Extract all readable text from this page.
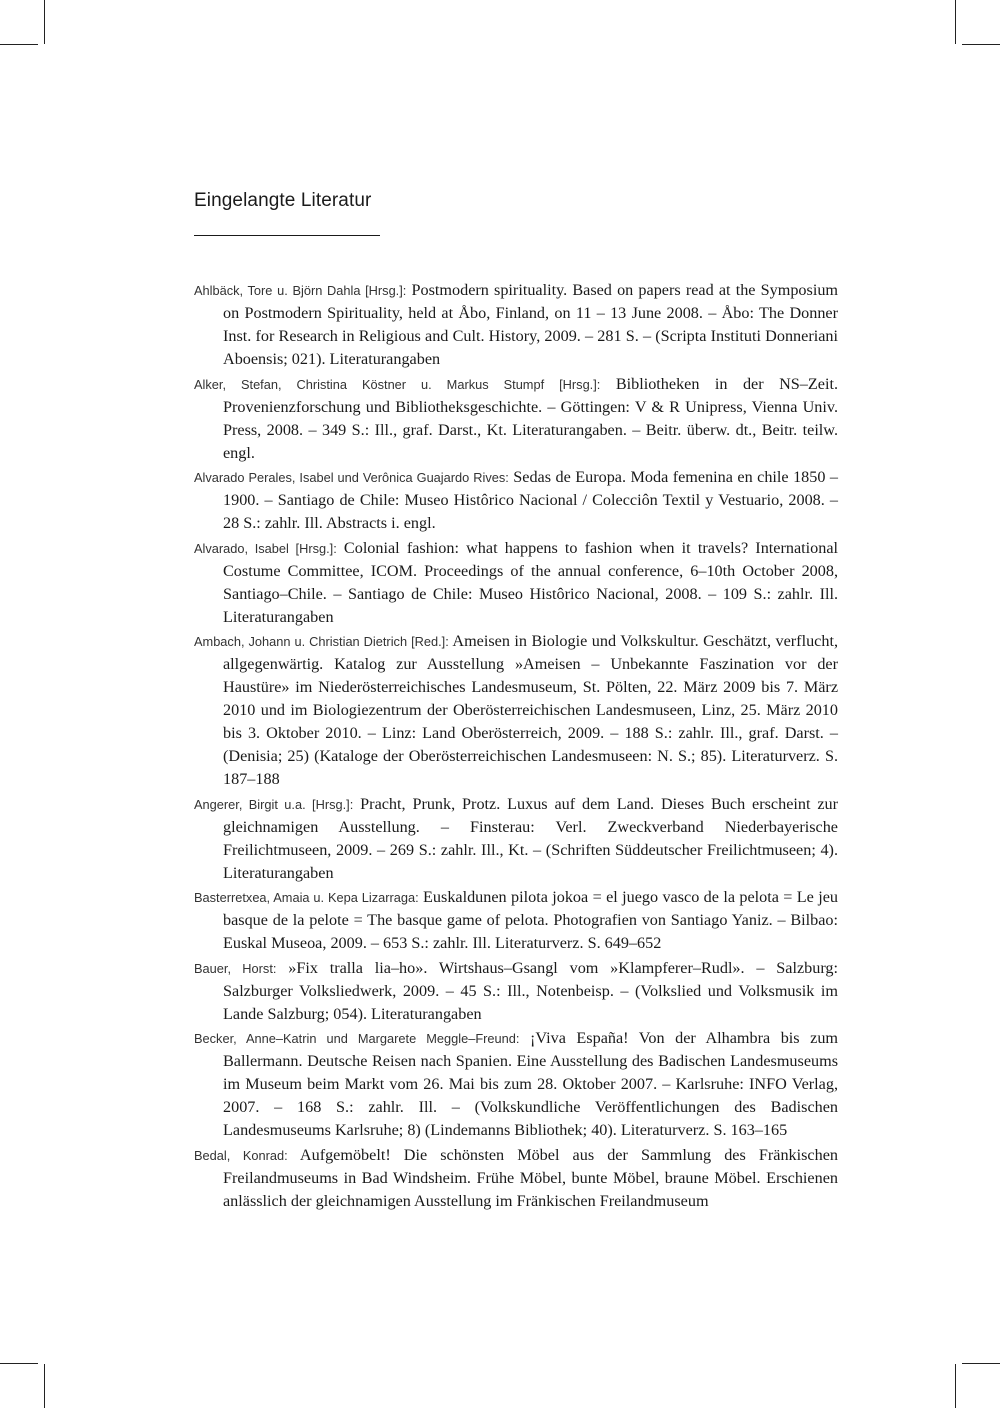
Eingelangte Literatur

Ahlbäck, Tore u. Björn Dahla [Hrsg.]: Postmodern spirituality. Based on papers read at the Symposium on Postmodern Spirituality, held at Åbo, Finland, on 11 – 13 June 2008. – Åbo: The Donner Inst. for Research in Religious and Cult. History, 2009. – 281 S. – (Scripta Instituti Donneriani Aboensis; 021). Literaturangaben

Alker, Stefan, Christina Köstner u. Markus Stumpf [Hrsg.]: Bibliotheken in der NS–Zeit. Provenienzforschung und Bibliotheksgeschichte. – Göttingen: V & R Unipress, Vienna Univ. Press, 2008. – 349 S.: Ill., graf. Darst., Kt. Literaturangaben. – Beitr. überw. dt., Beitr. teilw. engl.

Alvarado Perales, Isabel und Verônica Guajardo Rives: Sedas de Europa. Moda femenina en chile 1850 – 1900. – Santiago de Chile: Museo Histôrico Nacional / Colecciôn Textil y Vestuario, 2008. – 28 S.: zahlr. Ill. Abstracts i. engl.

Alvarado, Isabel [Hrsg.]: Colonial fashion: what happens to fashion when it travels? International Costume Committee, ICOM. Proceedings of the annual conference, 6–10th October 2008, Santiago–Chile. – Santiago de Chile: Museo Histôrico Nacional, 2008. – 109 S.: zahlr. Ill. Literaturangaben

Ambach, Johann u. Christian Dietrich [Red.]: Ameisen in Biologie und Volkskultur. Geschätzt, verflucht, allgegenwärtig. Katalog zur Ausstellung »Ameisen – Unbekannte Faszination vor der Haustüre» im Niederösterreichisches Landesmuseum, St. Pölten, 22. März 2009 bis 7. März 2010 und im Biologiezentrum der Oberösterreichischen Landesmuseen, Linz, 25. März 2010 bis 3. Oktober 2010. – Linz: Land Oberösterreich, 2009. – 188 S.: zahlr. Ill., graf. Darst. – (Denisia; 25) (Kataloge der Oberösterreichischen Landesmuseen: N. S.; 85). Literaturverz. S. 187–188

Angerer, Birgit u.a. [Hrsg.]: Pracht, Prunk, Protz. Luxus auf dem Land. Dieses Buch erscheint zur gleichnamigen Ausstellung. – Finsterau: Verl. Zweckverband Niederbayerische Freilichtmuseen, 2009. – 269 S.: zahlr. Ill., Kt. – (Schriften Süddeutscher Freilichtmuseen; 4). Literaturangaben

Basterretxea, Amaia u. Kepa Lizarraga: Euskaldunen pilota jokoa = el juego vasco de la pelota = Le jeu basque de la pelote = The basque game of pelota. Photografien von Santiago Yaniz. – Bilbao: Euskal Museoa, 2009. – 653 S.: zahlr. Ill. Literaturverz. S. 649–652

Bauer, Horst: »Fix tralla lia–ho». Wirtshaus–Gsangl vom »Klampferer–Rudl». – Salzburg: Salzburger Volksliedwerk, 2009. – 45 S.: Ill., Notenbeisp. – (Volkslied und Volksmusik im Lande Salzburg; 054). Literaturangaben

Becker, Anne–Katrin und Margarete Meggle–Freund: ¡Viva España! Von der Alhambra bis zum Ballermann. Deutsche Reisen nach Spanien. Eine Ausstellung des Badischen Landesmuseums im Museum beim Markt vom 26. Mai bis zum 28. Oktober 2007. – Karlsruhe: INFO Verlag, 2007. – 168 S.: zahlr. Ill. – (Volkskundliche Veröffentlichungen des Badischen Landesmuseums Karlsruhe; 8) (Lindemanns Bibliothek; 40). Literaturverz. S. 163–165

Bedal, Konrad: Aufgemöbelt! Die schönsten Möbel aus der Sammlung des Fränkischen Freilandmuseums in Bad Windsheim. Frühe Möbel, bunte Möbel, braune Möbel. Erschienen anlässlich der gleichnamigen Ausstellung im Fränkischen Freilandmuseum
